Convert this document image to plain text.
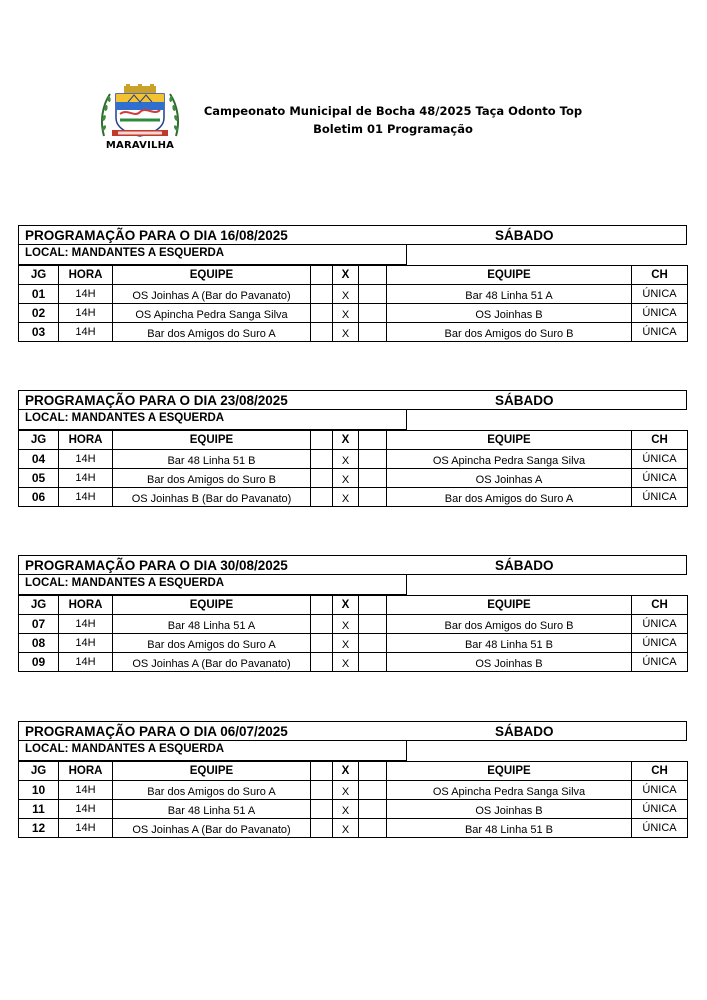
MARAVILHA
Campeonato Municipal de Bocha 48/2025 Taça Odonto Top
Boletim 01 Programação
PROGRAMAÇÃO PARA O DIA 16/08/2025	SÁBADO
LOCAL: MANDANTES A ESQUERDA
JG	HORA	EQUIPE		X		EQUIPE	CH
01	14H	OS Joinhas A (Bar do Pavanato)		X		Bar 48 Linha 51 A	ÚNICA
02	14H	OS Apincha Pedra Sanga Silva		X		OS Joinhas B	ÚNICA
03	14H	Bar dos Amigos do Suro A		X		Bar dos Amigos do Suro B	ÚNICA
PROGRAMAÇÃO PARA O DIA 23/08/2025	SÁBADO
LOCAL: MANDANTES A ESQUERDA
JG	HORA	EQUIPE		X		EQUIPE	CH
04	14H	Bar 48 Linha 51 B		X		OS Apincha Pedra Sanga Silva	ÚNICA
05	14H	Bar dos Amigos do Suro B		X		OS Joinhas A	ÚNICA
06	14H	OS Joinhas B (Bar do Pavanato)		X		Bar dos Amigos do Suro A	ÚNICA
PROGRAMAÇÃO PARA O DIA 30/08/2025	SÁBADO
LOCAL: MANDANTES A ESQUERDA
JG	HORA	EQUIPE		X		EQUIPE	CH
07	14H	Bar 48 Linha 51 A		X		Bar dos Amigos do Suro B	ÚNICA
08	14H	Bar dos Amigos do Suro A		X		Bar 48 Linha 51 B	ÚNICA
09	14H	OS Joinhas A (Bar do Pavanato)		X		OS Joinhas B	ÚNICA
PROGRAMAÇÃO PARA O DIA 06/07/2025	SÁBADO
LOCAL: MANDANTES A ESQUERDA
JG	HORA	EQUIPE		X		EQUIPE	CH
10	14H	Bar dos Amigos do Suro A		X		OS Apincha Pedra Sanga Silva	ÚNICA
11	14H	Bar 48 Linha 51 A		X		OS Joinhas B	ÚNICA
12	14H	OS Joinhas A (Bar do Pavanato)		X		Bar 48 Linha 51 B	ÚNICA
